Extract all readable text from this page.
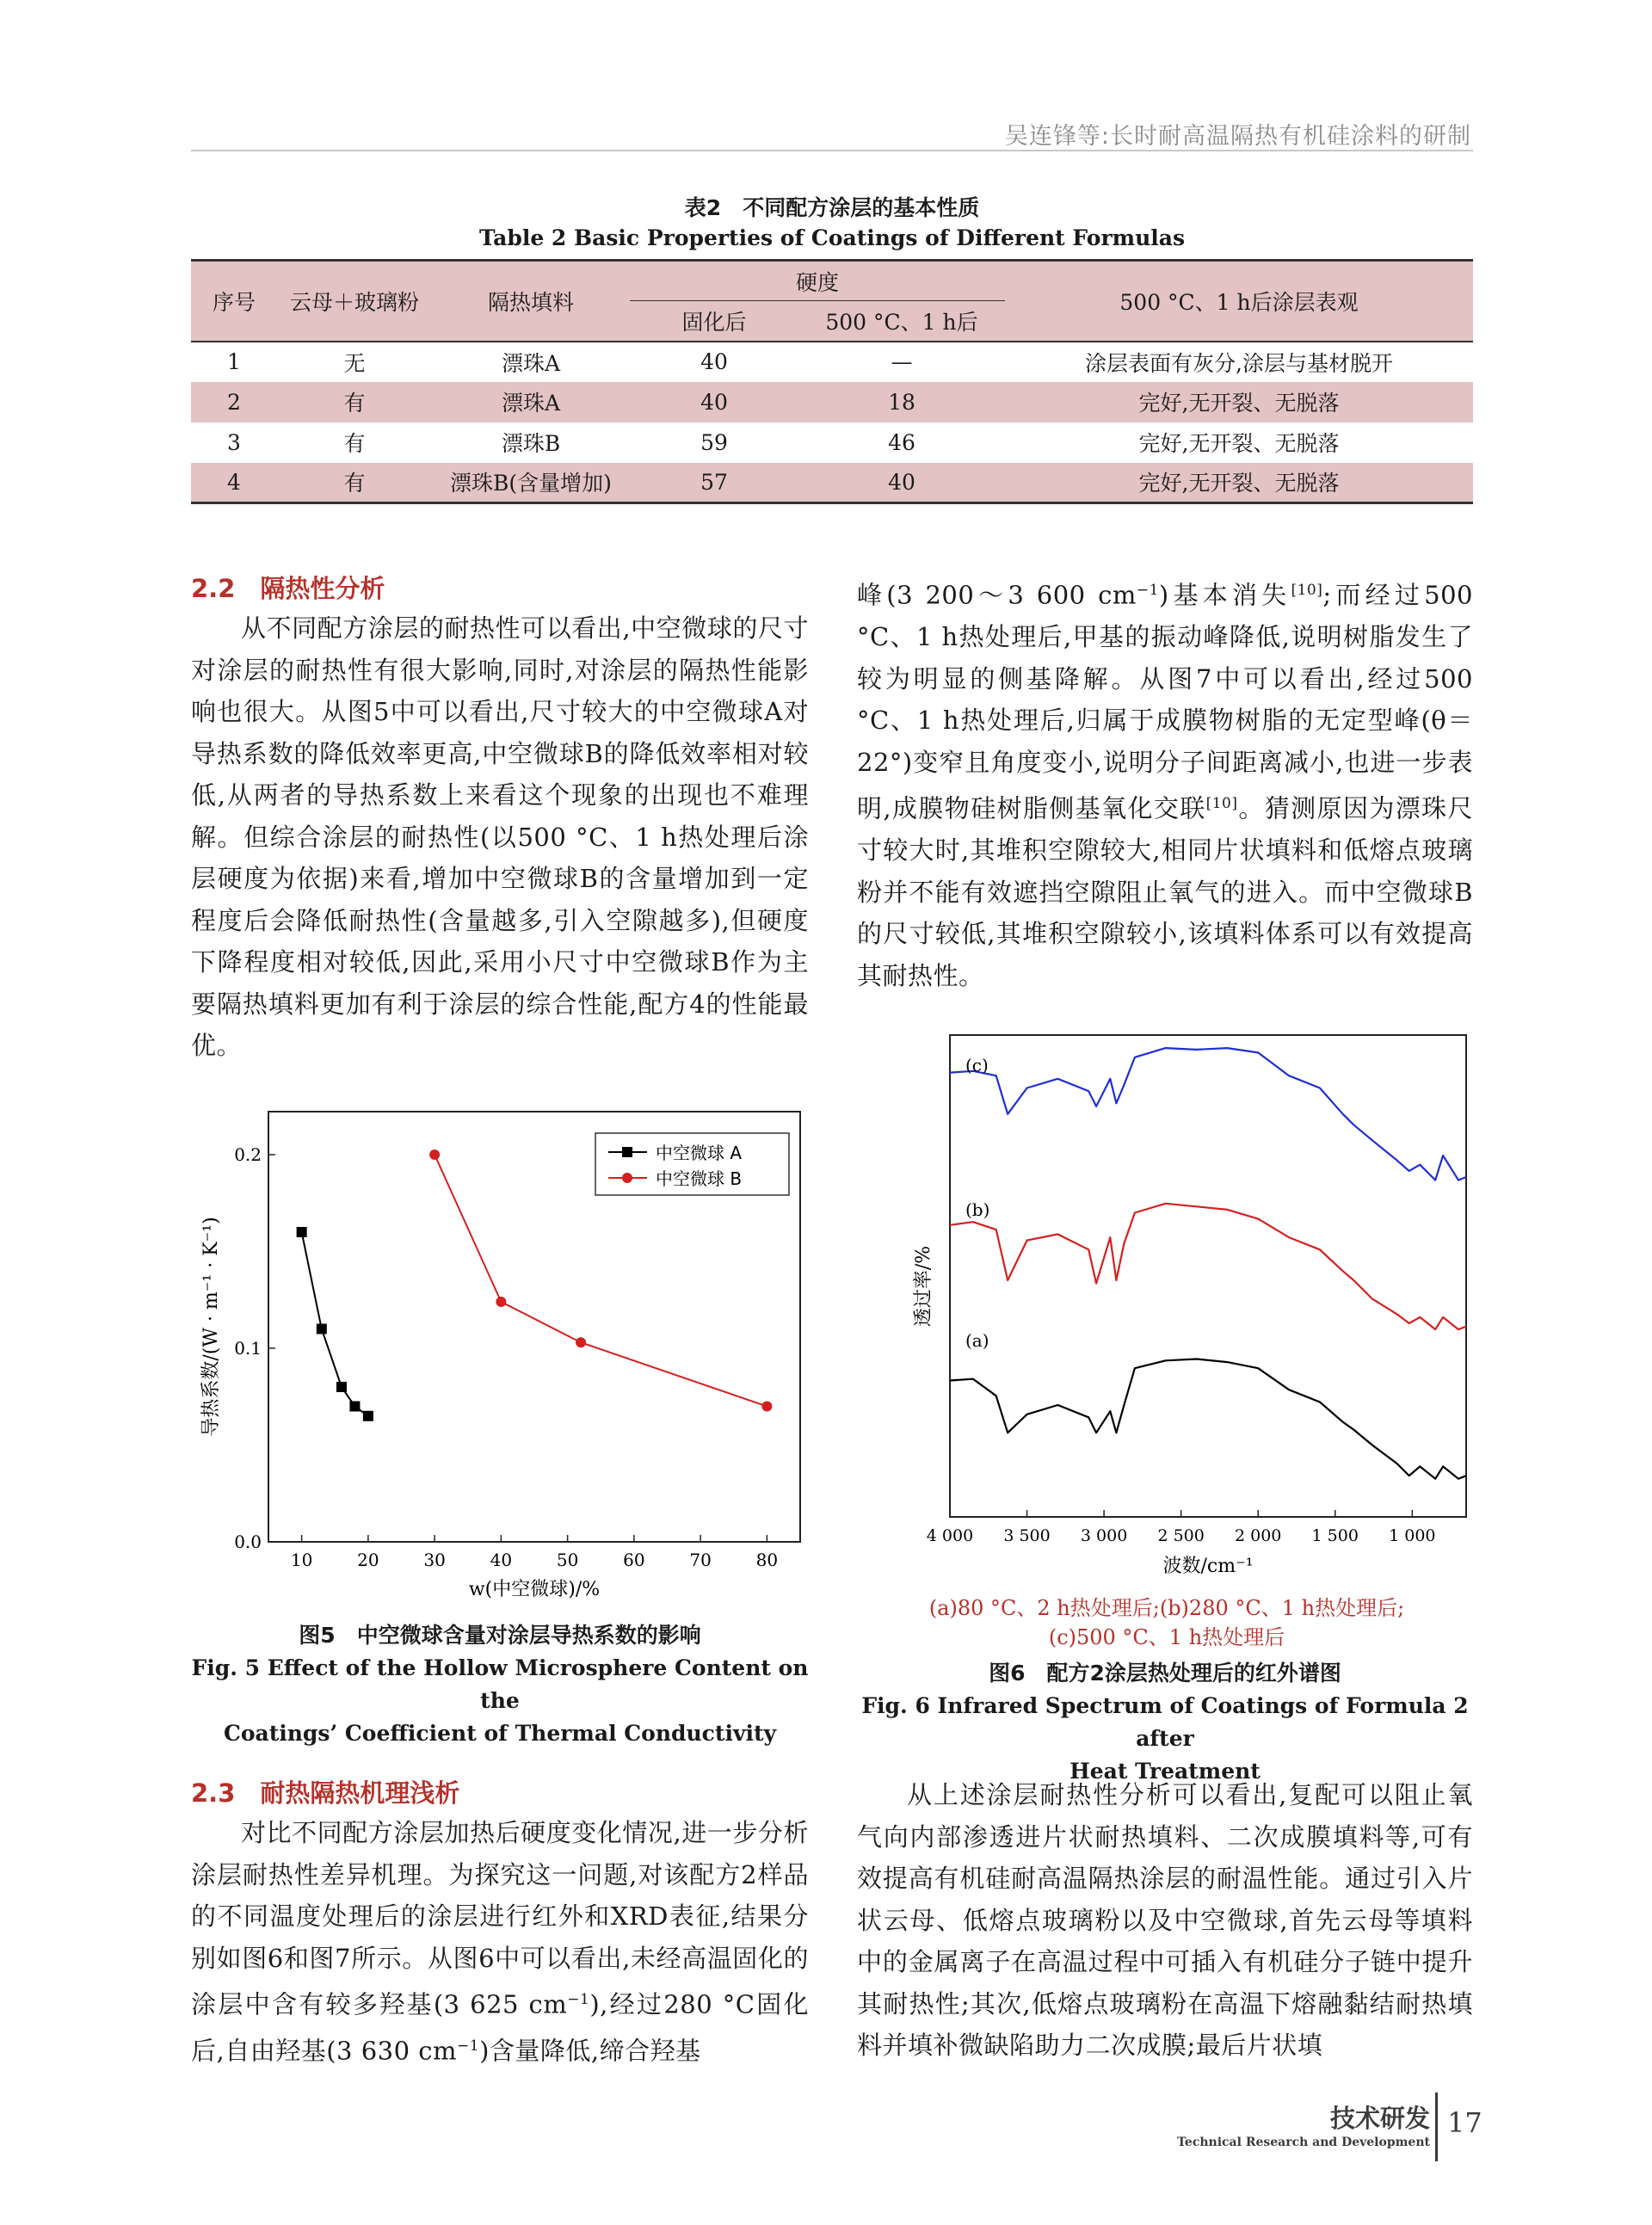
吴连锋等:长时耐高温隔热有机硅涂料的研制
表2　不同配方涂层的基本性质
Table 2 Basic Properties of Coatings of Different Formulas
序号	云母＋玻璃粉	隔热填料	硬度		500 °C、1 h后涂层表观
			固化后	500 °C、1 h后	
1	无	漂珠A	40	—	涂层表面有灰分,涂层与基材脱开
2	有	漂珠A	40	18	完好,无开裂、无脱落
3	有	漂珠B	59	46	完好,无开裂、无脱落
4	有	漂珠B(含量增加)	57	40	完好,无开裂、无脱落
2.2　隔热性分析

从不同配方涂层的耐热性可以看出,中空微球的尺寸对涂层的耐热性有很大影响,同时,对涂层的隔热性能影响也很大。从图5中可以看出,尺寸较大的中空微球A对导热系数的降低效率更高,中空微球B的降低效率相对较低,从两者的导热系数上来看这个现象的出现也不难理解。但综合涂层的耐热性(以500 °C、1 h热处理后涂层硬度为依据)来看,增加中空微球B的含量增加到一定程度后会降低耐热性(含量越多,引入空隙越多),但硬度下降程度相对较低,因此,采用小尺寸中空微球B作为主要隔热填料更加有利于涂层的综合性能,配方4的性能最优。

峰(3 200～3 600 $cm^{-1}$)基本消失[10];而经过500 °C、1 h热处理后,甲基的振动峰降低,说明树脂发生了较为明显的侧基降解。从图7中可以看出,经过500 °C、1 h热处理后,归属于成膜物树脂的无定型峰(θ＝22°)变窄且角度变小,说明分子间距离减小,也进一步表明,成膜物硅树脂侧基氧化交联[10]。猜测原因为漂珠尺寸较大时,其堆积空隙较大,相同片状填料和低熔点玻璃粉并不能有效遮挡空隙阻止氧气的进入。而中空微球B的尺寸较低,其堆积空隙较小,该填料体系可以有效提高其耐热性。

0.0
0.1
0.2
10	20	30	40	50	60	70	80
w(中空微球)/%
导热系数/(W · m⁻¹ · K⁻¹)
中空微球 A
中空微球 B
图5　中空微球含量对涂层导热系数的影响
Fig. 5 Effect of the Hollow Microsphere Content on the
Coatings’ Coefficient of Thermal Conductivity
4 000 3 500 3 000 2 500 2 000 1 500 1 000
波数/cm⁻¹
透过率/%
(c)
(b)
(a)
(a)80 °C、2 h热处理后;(b)280 °C、1 h热处理后;
(c)500 °C、1 h热处理后
图6　配方2涂层热处理后的红外谱图
Fig. 6 Infrared Spectrum of Coatings of Formula 2 after
Heat Treatment
2.3　耐热隔热机理浅析

对比不同配方涂层加热后硬度变化情况,进一步分析涂层耐热性差异机理。为探究这一问题,对该配方2样品的不同温度处理后的涂层进行红外和XRD表征,结果分别如图6和图7所示。从图6中可以看出,未经高温固化的涂层中含有较多羟基(3 625 $cm^{-1}$),经过280 °C固化后,自由羟基(3 630 $cm^{-1}$)含量降低,缔合羟基

从上述涂层耐热性分析可以看出,复配可以阻止氧气向内部渗透进片状耐热填料、二次成膜填料等,可有效提高有机硅耐高温隔热涂层的耐温性能。通过引入片状云母、低熔点玻璃粉以及中空微球,首先云母等填料中的金属离子在高温过程中可插入有机硅分子链中提升其耐热性;其次,低熔点玻璃粉在高温下熔融黏结耐热填料并填补微缺陷助力二次成膜;最后片状填

技术研发
Technical Research and Development
17
